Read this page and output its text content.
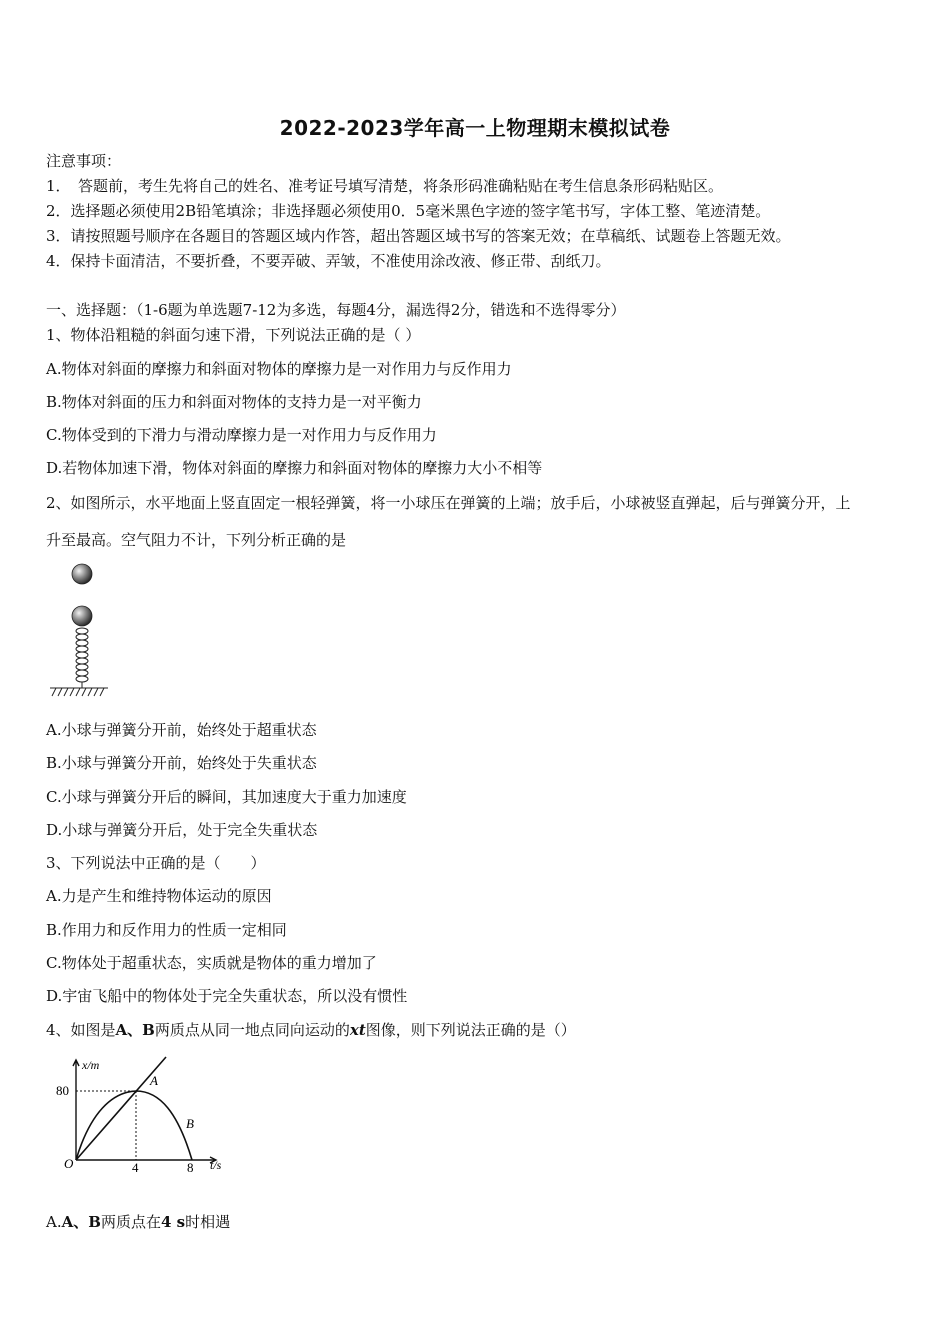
2022-2023学年高一上物理期末模拟试卷
注意事项：
1．　答题前，考生先将自己的姓名、准考证号填写清楚，将条形码准确粘贴在考生信息条形码粘贴区。
2．选择题必须使用2B铅笔填涂；非选择题必须使用0．5毫米黑色字迹的签字笔书写，字体工整、笔迹清楚。
3．请按照题号顺序在各题目的答题区域内作答，超出答题区域书写的答案无效；在草稿纸、试题卷上答题无效。
4．保持卡面清洁，不要折叠，不要弄破、弄皱，不准使用涂改液、修正带、刮纸刀。
一、选择题：（1-6题为单选题7-12为多选，每题4分，漏选得2分，错选和不选得零分）
1、物体沿粗糙的斜面匀速下滑，下列说法正确的是（ ）
A.物体对斜面的摩擦力和斜面对物体的摩擦力是一对作用力与反作用力
B.物体对斜面的压力和斜面对物体的支持力是一对平衡力
C.物体受到的下滑力与滑动摩擦力是一对作用力与反作用力
D.若物体加速下滑，物体对斜面的摩擦力和斜面对物体的摩擦力大小不相等
2、如图所示，水平地面上竖直固定一根轻弹簧，将一小球压在弹簧的上端；放手后，小球被竖直弹起，后与弹簧分开，上
升至最高。空气阻力不计，下列分析正确的是
A.小球与弹簧分开前，始终处于超重状态
B.小球与弹簧分开前，始终处于失重状态
C.小球与弹簧分开后的瞬间，其加速度大于重力加速度
D.小球与弹簧分开后，处于完全失重状态
3、下列说法中正确的是（　　）
A.力是产生和维持物体运动的原因
B.作用力和反作用力的性质一定相同
C.物体处于超重状态，实质就是物体的重力增加了
D.宇宙飞船中的物体处于完全失重状态，所以没有惯性
4、如图是A、B两质点从同一地点同向运动的xt图像，则下列说法正确的是（）
x/m
t/s
O
80
4	8
A
B
A.A、B两质点在4 s时相遇
